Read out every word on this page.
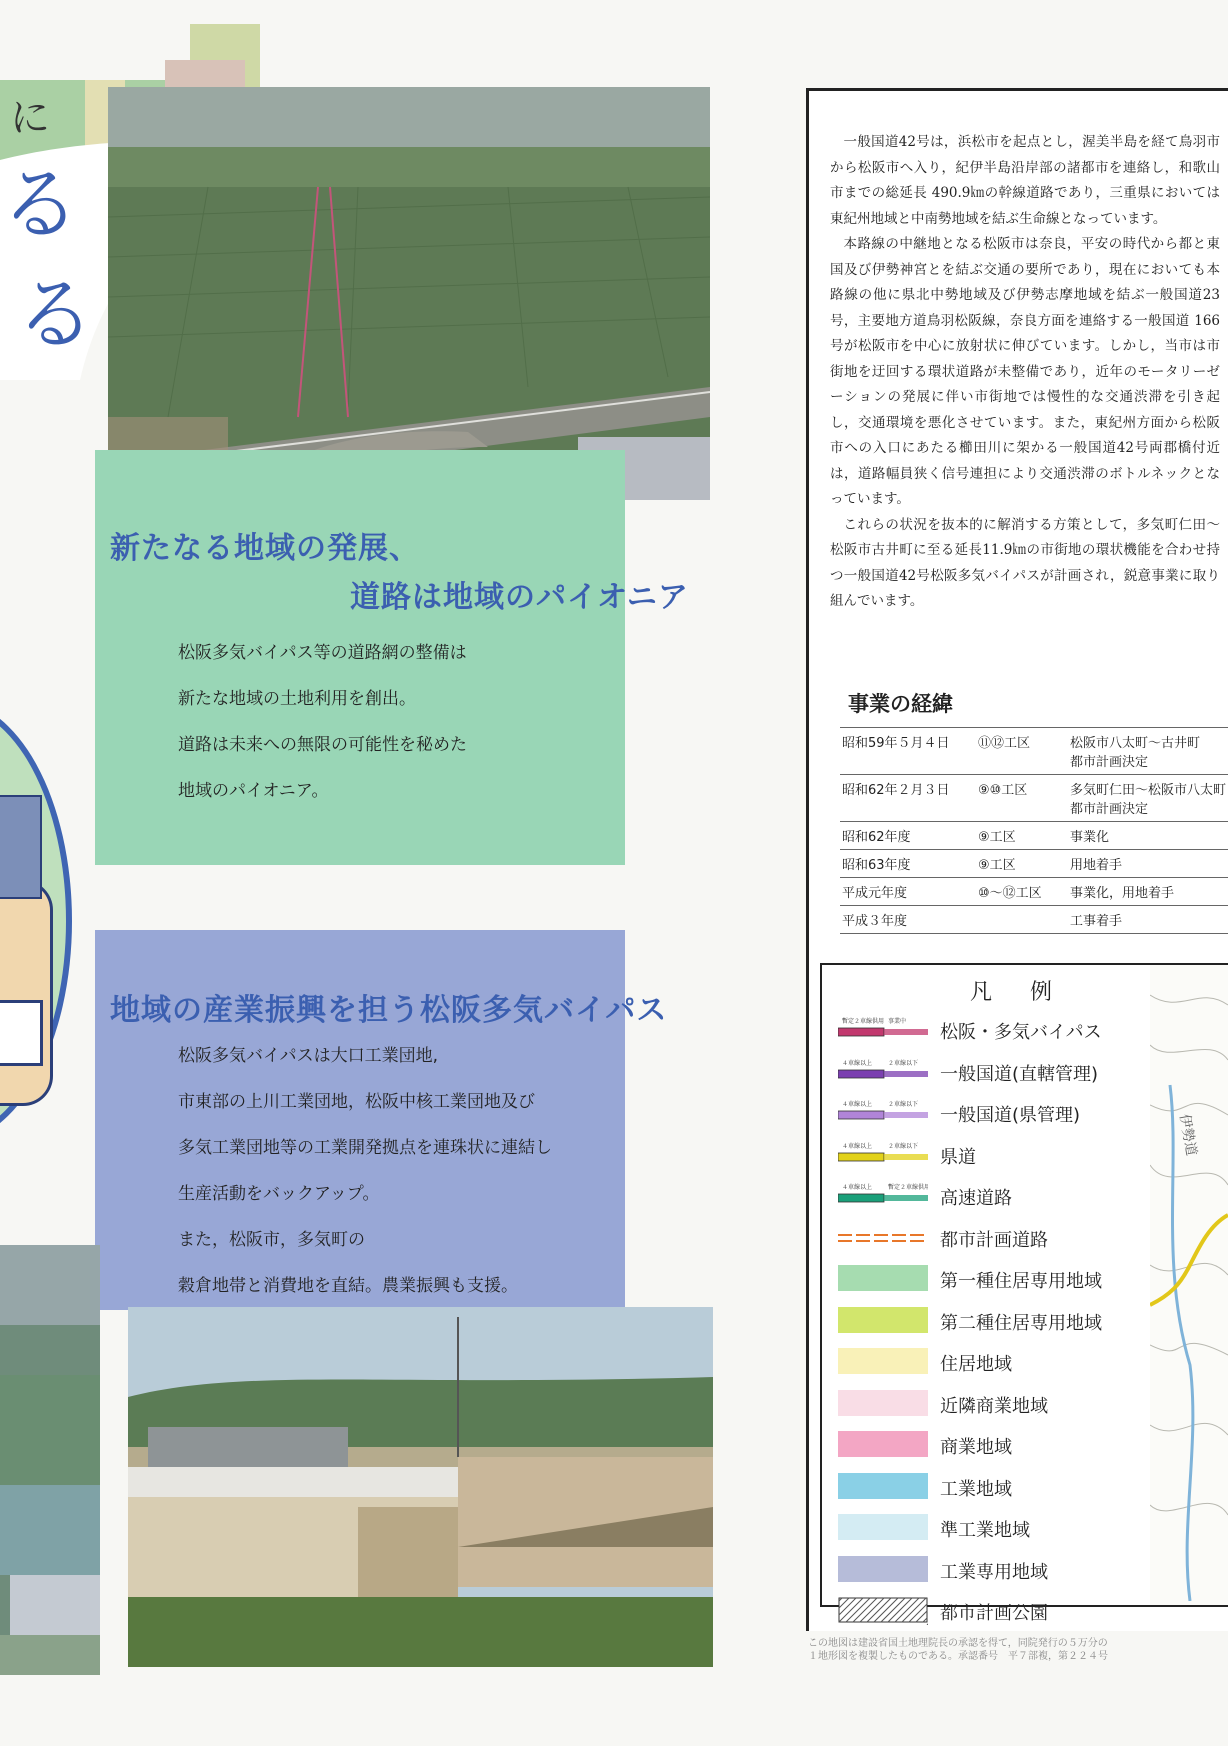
に
る
る
新たなる地域の発展、
道路は地域のパイオニア
松阪多気バイパス等の道路網の整備は
新たな地域の土地利用を創出。
道路は未来への無限の可能性を秘めた
地域のパイオニア。
地域の産業振興を担う松阪多気バイパス
松阪多気バイパスは大口工業団地,
市東部の上川工業団地，松阪中核工業団地及び
多気工業団地等の工業開発拠点を連珠状に連結し
生産活動をバックアップ。
また，松阪市，多気町の
穀倉地帯と消費地を直結。農業振興も支援。

一般国道42号は，浜松市を起点とし，渥美半島を経て鳥羽市から松阪市へ入り，紀伊半島沿岸部の諸都市を連絡し，和歌山市までの総延長 490.9㎞の幹線道路であり，三重県においては東紀州地域と中南勢地域を結ぶ生命線となっています。

本路線の中継地となる松阪市は奈良，平安の時代から都と東国及び伊勢神宮とを結ぶ交通の要所であり，現在においても本路線の他に県北中勢地域及び伊勢志摩地域を結ぶ一般国道23号，主要地方道鳥羽松阪線，奈良方面を連絡する一般国道 166号が松阪市を中心に放射状に伸びています。しかし，当市は市街地を迂回する環状道路が未整備であり，近年のモータリーゼーションの発展に伴い市街地では慢性的な交通渋滞を引き起し，交通環境を悪化させています。また，東紀州方面から松阪市への入口にあたる櫛田川に架かる一般国道42号両郡橋付近は，道路幅員狭く信号連担により交通渋滞のボトルネックとなっています。

これらの状況を抜本的に解消する方策として，多気町仁田～松阪市古井町に至る延長11.9㎞の市街地の環状機能を合わせ持つ一般国道42号松阪多気バイパスが計画され，鋭意事業に取り組んでいます。

事業の経緯
昭和59年５月４日	⑪⑫工区	松阪市八太町～古井町
都市計画決定
昭和62年２月３日	⑨⑩工区	多気町仁田～松阪市八太町
都市計画決定
昭和62年度	⑨工区	事業化
昭和63年度	⑨工区	用地着手
平成元年度	⑩～⑫工区	事業化，用地着手
平成３年度		工事着手
凡　例
暫定２車線供用 事業中
松阪・多気バイパス
４車線以上	２車線以下
一般国道(直轄管理)
４車線以上	２車線以下
一般国道(県管理)
４車線以上	２車線以下
県道
４車線以上	暫定２車線供用
高速道路
都市計画道路
第一種住居専用地域
第二種住居専用地域
住居地域
近隣商業地域
商業地域
工業地域
準工業地域
工業専用地域
都市計画公園
伊勢道
この地図は建設省国土地理院長の承認を得て，同院発行の５万分の
１地形図を複製したものである。承認番号　平７部複，第２２４号
